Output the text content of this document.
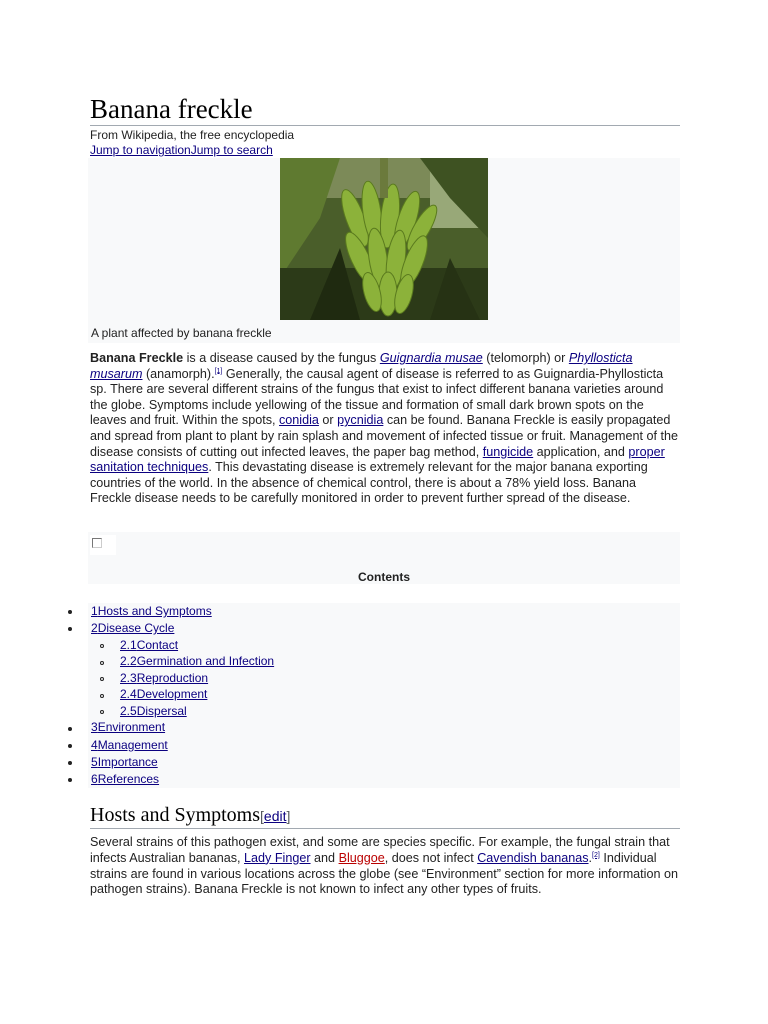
Banana freckle
From Wikipedia, the free encyclopedia
Jump to navigationJump to search
A plant affected by banana freckle
Banana Freckle is a disease caused by the fungus Guignardia musae (telomorph) or Phyllosticta musarum (anamorph).[1] Generally, the causal agent of disease is referred to as Guignardia-Phyllosticta sp. There are several different strains of the fungus that exist to infect different banana varieties around the globe. Symptoms include yellowing of the tissue and formation of small dark brown spots on the leaves and fruit. Within the spots, conidia or pycnidia can be found. Banana Freckle is easily propagated and spread from plant to plant by rain splash and movement of infected tissue or fruit. Management of the disease consists of cutting out infected leaves, the paper bag method, fungicide application, and proper sanitation techniques. This devastating disease is extremely relevant for the major banana exporting countries of the world. In the absence of chemical control, there is about a 78% yield loss. Banana Freckle disease needs to be carefully monitored in order to prevent further spread of the disease.
Contents
1Hosts and Symptoms
2Disease Cycle
2.1Contact
2.2Germination and Infection
2.3Reproduction
2.4Development
2.5Dispersal
3Environment
4Management
5Importance
6References
Hosts and Symptoms[edit]
Several strains of this pathogen exist, and some are species specific. For example, the fungal strain that infects Australian bananas, Lady Finger and Bluggoe, does not infect Cavendish bananas.[2] Individual strains are found in various locations across the globe (see “Environment” section for more information on pathogen strains). Banana Freckle is not known to infect any other types of fruits.
